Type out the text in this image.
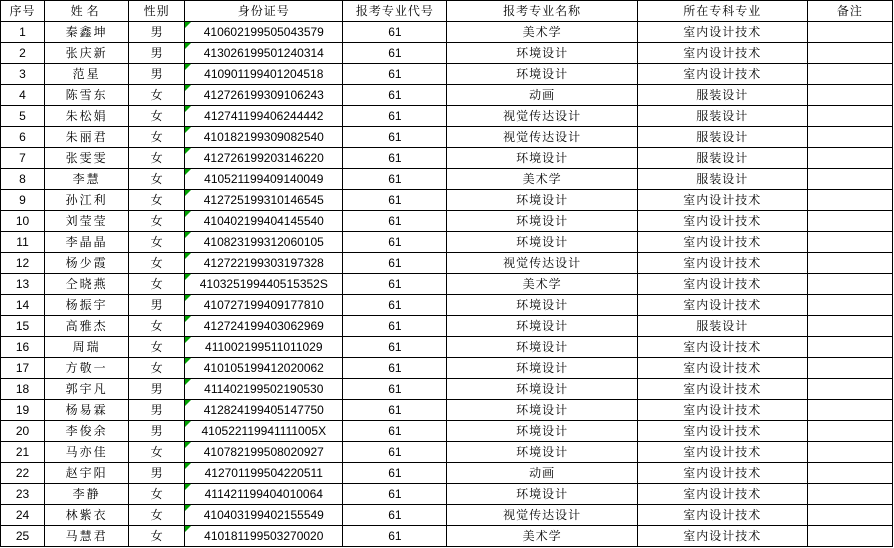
序号	姓名	性别	身份证号	报考专业代号	报考专业名称	所在专科专业	备注
1	秦鑫坤	男	410602199505043579	61	美术学	室内设计技术	
2	张庆新	男	413026199501240314	61	环境设计	室内设计技术	
3	范星	男	410901199401204518	61	环境设计	室内设计技术	
4	陈雪东	女	412726199309106243	61	动画	服装设计	
5	朱松娟	女	412741199406244442	61	视觉传达设计	服装设计	
6	朱丽君	女	410182199309082540	61	视觉传达设计	服装设计	
7	张雯雯	女	412726199203146220	61	环境设计	服装设计	
8	李慧	女	410521199409140049	61	美术学	服装设计	
9	孙江利	女	412725199310146545	61	环境设计	室内设计技术	
10	刘莹莹	女	410402199404145540	61	环境设计	室内设计技术	
11	李晶晶	女	410823199312060105	61	环境设计	室内设计技术	
12	杨少霞	女	412722199303197328	61	视觉传达设计	室内设计技术	
13	仝晓燕	女	410325199440515352S	61	美术学	室内设计技术	
14	杨振宇	男	410727199409177810	61	环境设计	室内设计技术	
15	高雅杰	女	412724199403062969	61	环境设计	服装设计	
16	周瑞	女	411002199511011029	61	环境设计	室内设计技术	
17	方敬一	女	410105199412020062	61	环境设计	室内设计技术	
18	郭宇凡	男	411402199502190530	61	环境设计	室内设计技术	
19	杨易霖	男	412824199405147750	61	环境设计	室内设计技术	
20	李俊余	男	410522119941111005X	61	环境设计	室内设计技术	
21	马亦佳	女	410782199508020927	61	环境设计	室内设计技术	
22	赵宇阳	男	412701199504220511	61	动画	室内设计技术	
23	李静	女	411421199404010064	61	环境设计	室内设计技术	
24	林紫衣	女	410403199402155549	61	视觉传达设计	室内设计技术	
25	马慧君	女	410181199503270020	61	美术学	室内设计技术	
